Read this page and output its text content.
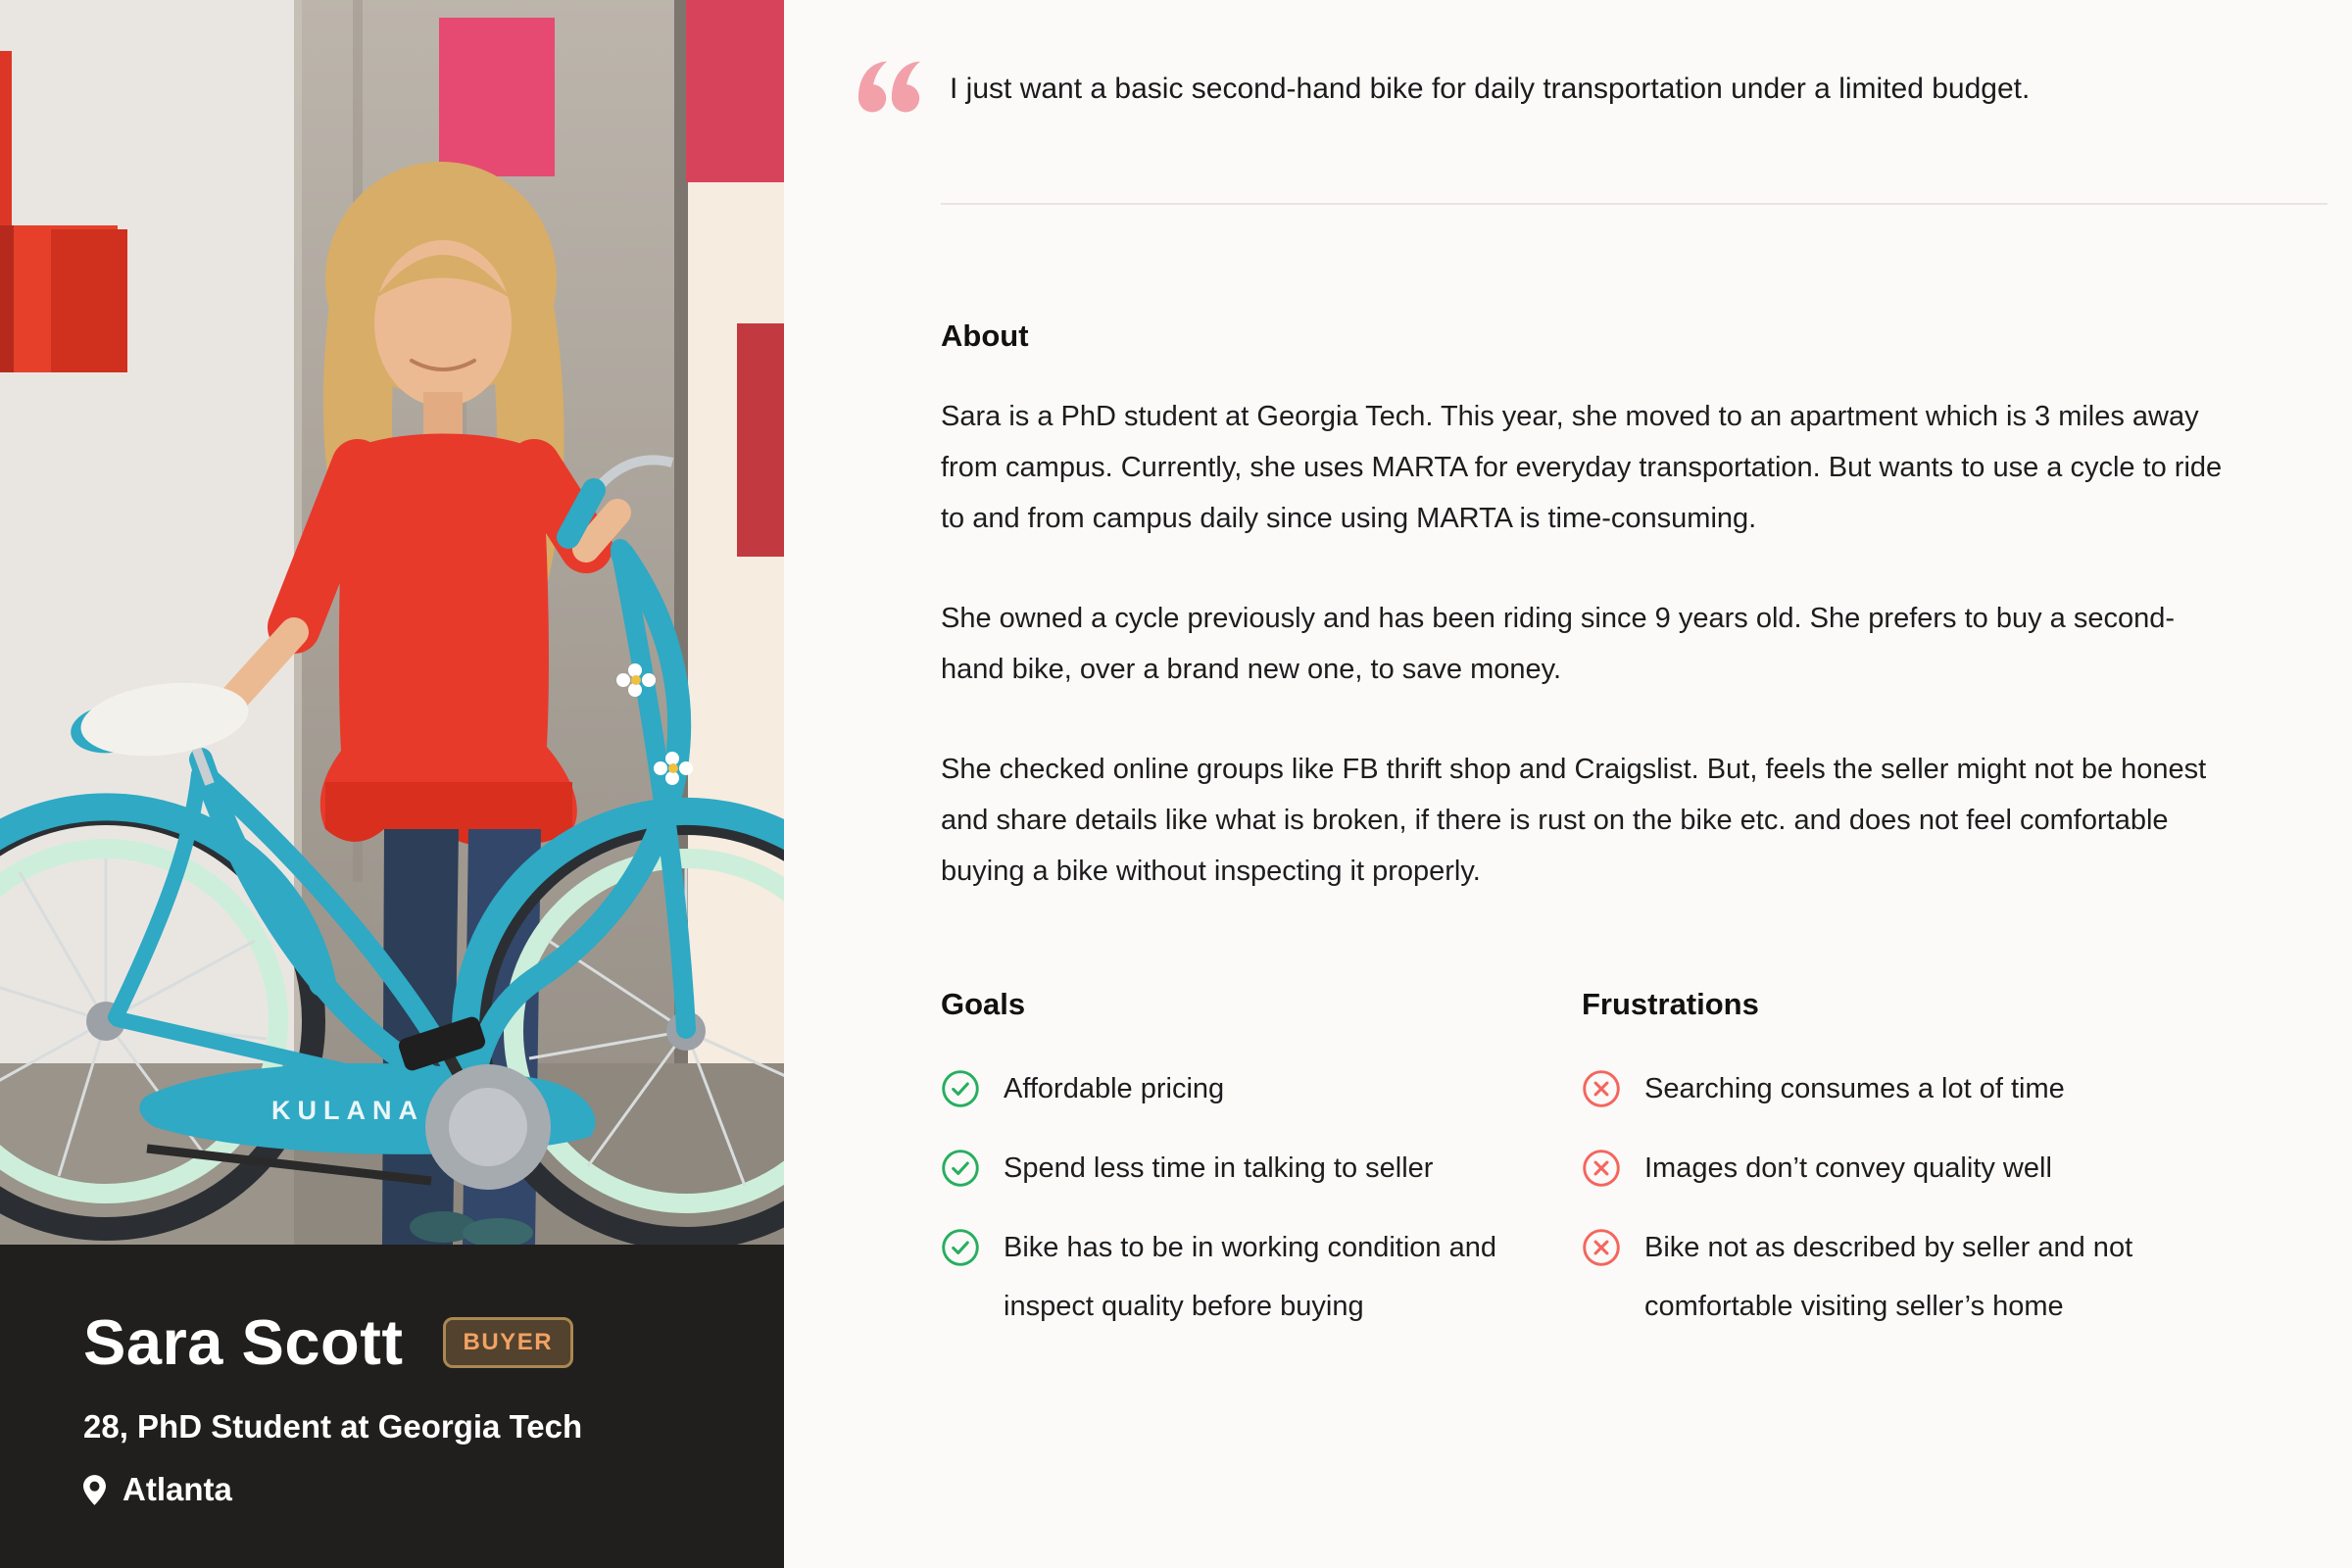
KULANA
Sara Scott	BUYER

28, PhD Student at Georgia Tech

Atlanta

I just want a basic second-hand bike for daily transportation under a limited budget.

About

Sara is a PhD student at Georgia Tech. This year, she moved to an apartment which is 3 miles away from campus. Currently, she uses MARTA for everyday transportation. But wants to use a cycle to ride to and from campus daily since using MARTA is time-consuming.

She owned a cycle previously and has been riding since 9 years old. She prefers to buy a second-hand bike, over a brand new one, to save money.

She checked online groups like FB thrift shop and Craigslist. But, feels the seller might not be honest and share details like what is broken, if there is rust on the bike etc. and does not feel comfortable buying a bike without inspecting it properly.

Goals
Affordable pricing
Spend less time in talking to seller
Bike has to be in working condition and inspect quality before buying
Frustrations
Searching consumes a lot of time
Images don’t convey quality well
Bike not as described by seller and not comfortable visiting seller’s home
